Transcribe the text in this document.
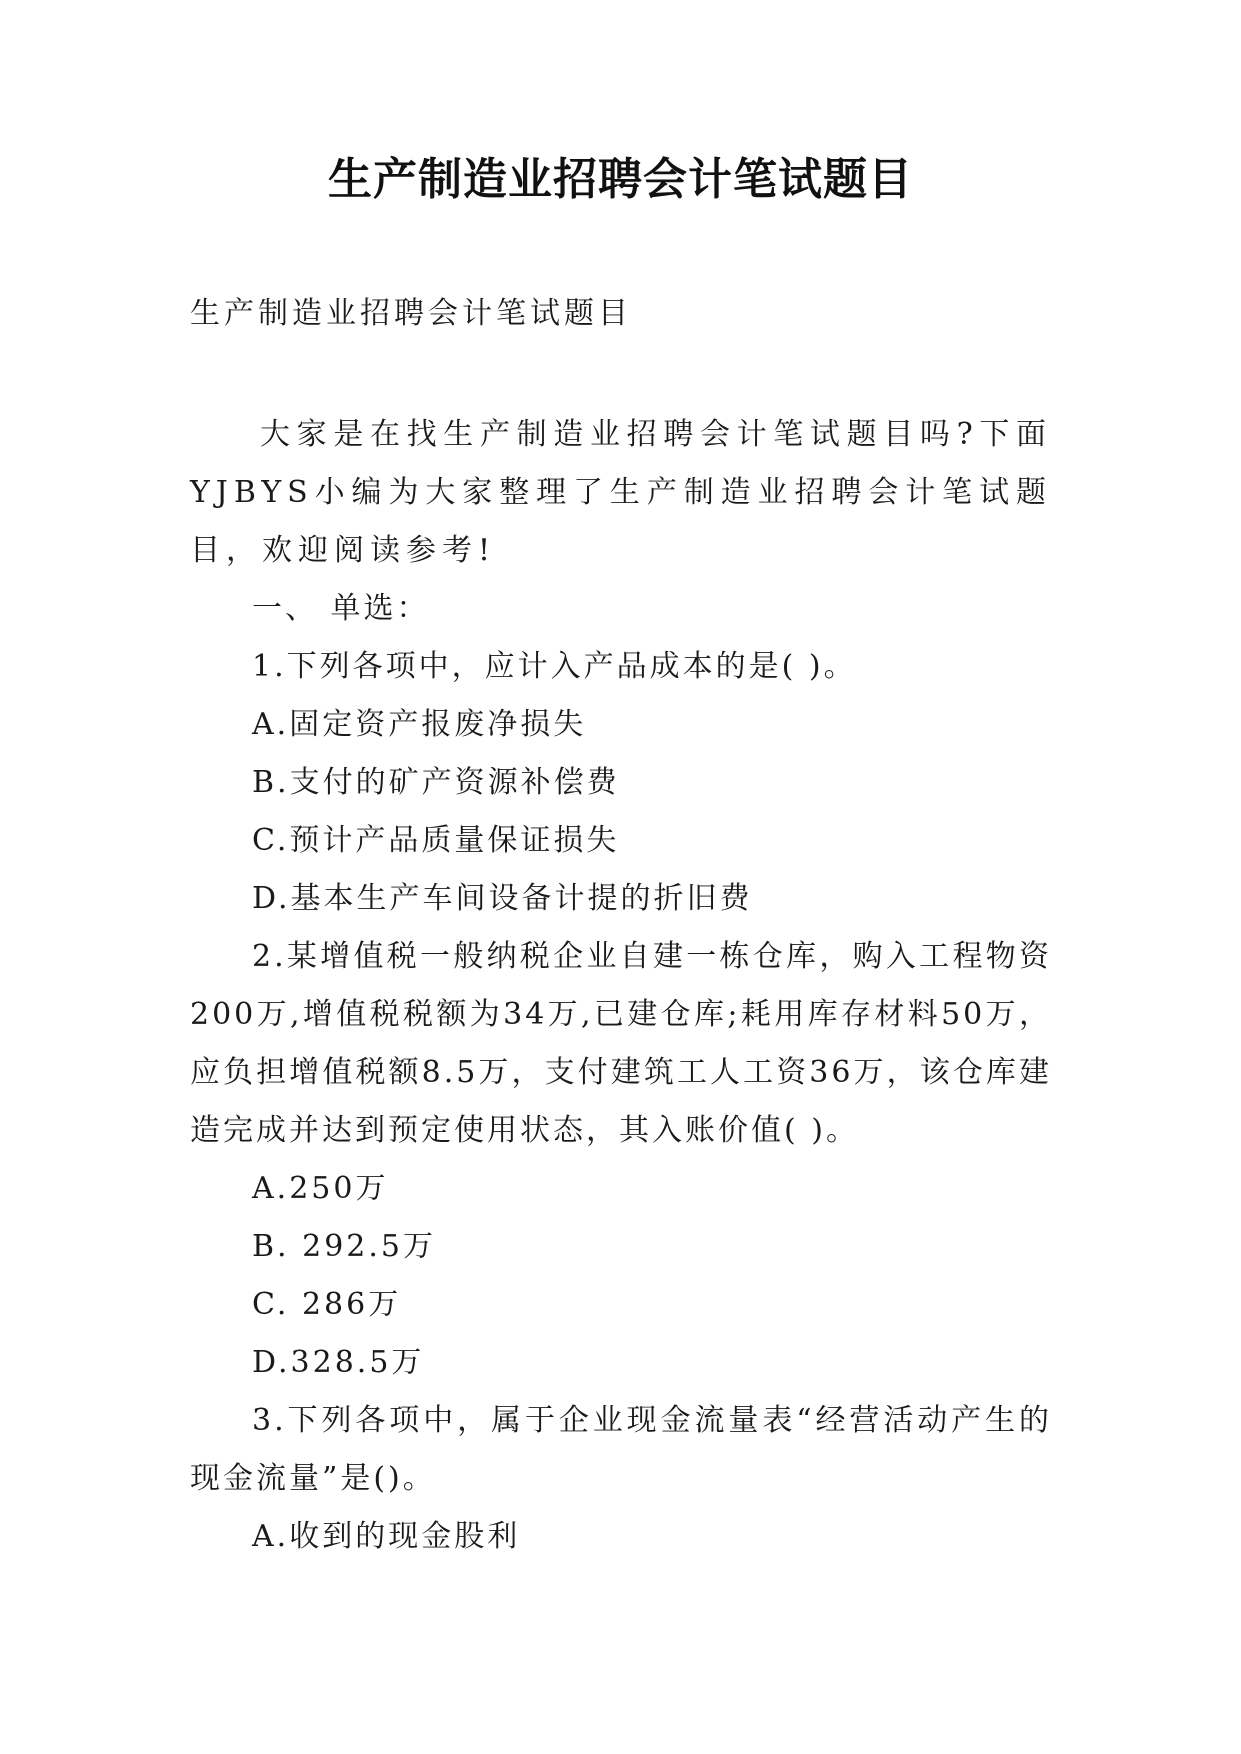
生产制造业招聘会计笔试题目
生产制造业招聘会计笔试题目

大家是在找生产制造业招聘会计笔试题目吗?下面YJBYS小编为大家整理了生产制造业招聘会计笔试题目，欢迎阅读参考!

一、 单选：

1.下列各项中，应计入产品成本的是( )。

A.固定资产报废净损失

B.支付的矿产资源补偿费

C.预计产品质量保证损失

D.基本生产车间设备计提的折旧费

2.某增值税一般纳税企业自建一栋仓库，购入工程物资200万,增值税税额为34万,已建仓库;耗用库存材料50万，应负担增值税额8.5万，支付建筑工人工资36万，该仓库建造完成并达到预定使用状态，其入账价值( )。

A.250万

B. 292.5万

C. 286万

D.328.5万

3.下列各项中，属于企业现金流量表“经营活动产生的现金流量”是()。

A.收到的现金股利
